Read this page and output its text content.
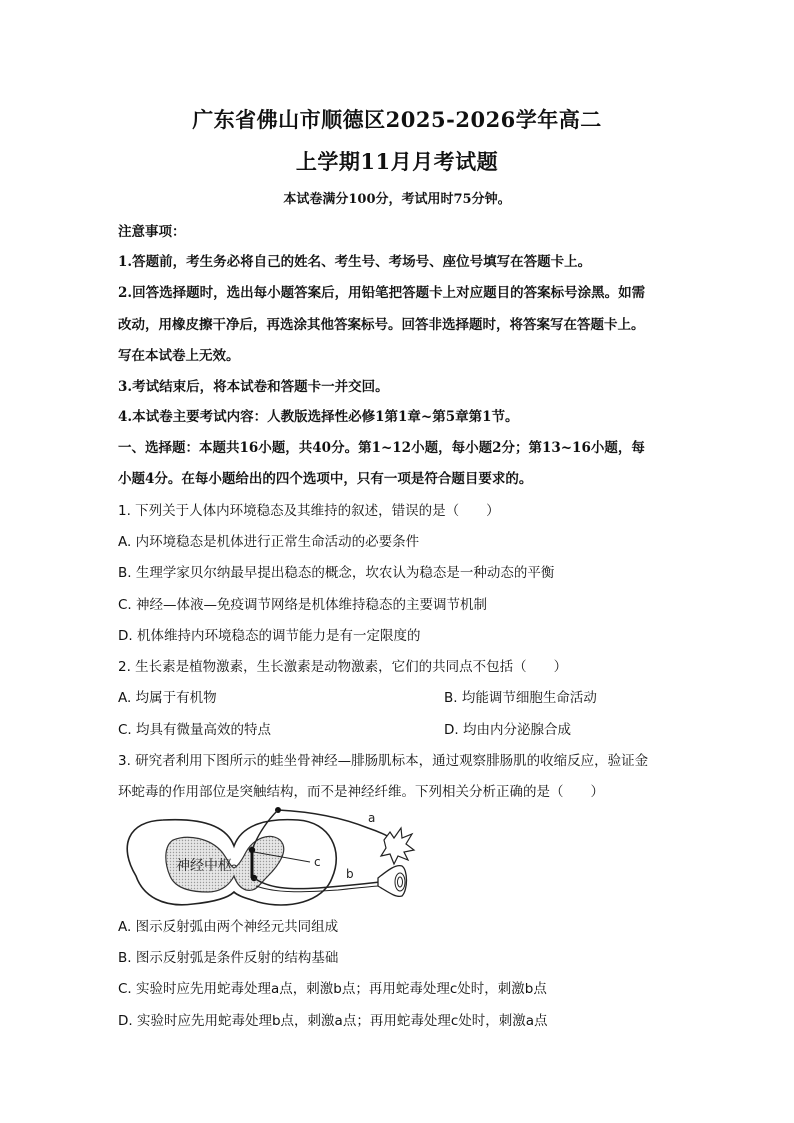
广东省佛山市顺德区2025-2026学年高二
上学期11月月考试题
本试卷满分100分，考试用时75分钟。
注意事项：
1.答题前，考生务必将自己的姓名、考生号、考场号、座位号填写在答题卡上。
2.回答选择题时，选出每小题答案后，用铅笔把答题卡上对应题目的答案标号涂黑。如需
改动，用橡皮擦干净后，再选涂其他答案标号。回答非选择题时，将答案写在答题卡上。
写在本试卷上无效。
3.考试结束后，将本试卷和答题卡一并交回。
4.本试卷主要考试内容：人教版选择性必修1第1章~第5章第1节。
一、选择题：本题共16小题，共40分。第1~12小题，每小题2分；第13~16小题，每
小题4分。在每小题给出的四个选项中，只有一项是符合题目要求的。
1. 下列关于人体内环境稳态及其维持的叙述，错误的是（　　）
A. 内环境稳态是机体进行正常生命活动的必要条件
B. 生理学家贝尔纳最早提出稳态的概念，坎农认为稳态是一种动态的平衡
C. 神经—体液—免疫调节网络是机体维持稳态的主要调节机制
D. 机体维持内环境稳态的调节能力是有一定限度的
2. 生长素是植物激素，生长激素是动物激素，它们的共同点不包括（　　）
A. 均属于有机物	B. 均能调节细胞生命活动
C. 均具有微量高效的特点	D. 均由内分泌腺合成
3. 研究者利用下图所示的蛙坐骨神经—腓肠肌标本，通过观察腓肠肌的收缩反应，验证金
环蛇毒的作用部位是突触结构，而不是神经纤维。下列相关分析正确的是（　　）
神经中枢	c
a
b
A. 图示反射弧由两个神经元共同组成
B. 图示反射弧是条件反射的结构基础
C. 实验时应先用蛇毒处理a点，刺激b点；再用蛇毒处理c处时，刺激b点
D. 实验时应先用蛇毒处理b点，刺激a点；再用蛇毒处理c处时，刺激a点
